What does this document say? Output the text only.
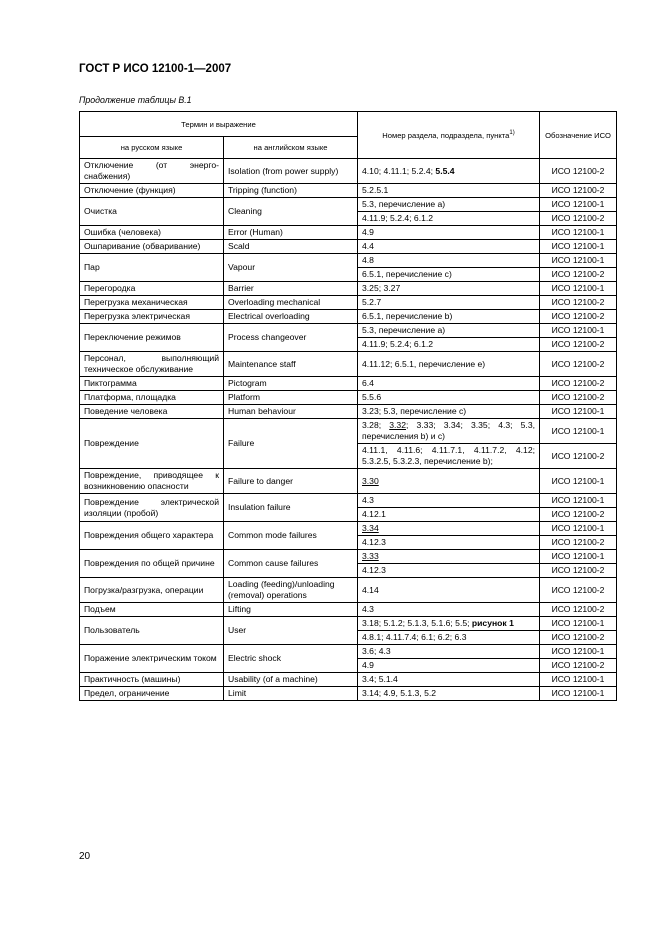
ГОСТ Р ИСО 12100-1—2007
Продолжение таблицы В.1
Термин и выражение		Номер раздела, подраздела, пункта$^{1)}$	Обозначение ИСО
на русском языке	на английском языке		
Отключение (от энергоснабжения)	Isolation (from power supply)	4.10; 4.11.1; 5.2.4; 5.5.4	ИСО 12100-2
Отключение (функция)	Tripping (function)	5.2.5.1	ИСО 12100-2
Очистка	Cleaning	5.3, перечисление а)	ИСО 12100-1
		4.11.9; 5.2.4; 6.1.2	ИСО 12100-2
Ошибка (человека)	Error (Human)	4.9	ИСО 12100-1
Ошпаривание (обваривание)	Scald	4.4	ИСО 12100-1
Пар	Vapour	4.8	ИСО 12100-1
		6.5.1, перечисление с)	ИСО 12100-2
Перегородка	Barrier	3.25; 3.27	ИСО 12100-1
Перегрузка механическая	Overloading mechanical	5.2.7	ИСО 12100-2
Перегрузка электрическая	Electrical overloading	6.5.1, перечисление b)	ИСО 12100-2
Переключение режимов	Process changeover	5.3, перечисление а)	ИСО 12100-1
		4.11.9; 5.2.4; 6.1.2	ИСО 12100-2
Персонал, выполняющий техническое обслуживание	Maintenance staff	4.11.12; 6.5.1, перечисление е)	ИСО 12100-2
Пиктограмма	Pictogram	6.4	ИСО 12100-2
Платформа, площадка	Platform	5.5.6	ИСО 12100-2
Поведение человека	Human behaviour	3.23; 5.3, перечисление с)	ИСО 12100-1
Повреждение	Failure	3.28; 3.32; 3.33; 3.34; 3.35; 4.3; 5.3, перечисления b) и с)	ИСО 12100-1
		4.11.1, 4.11.6; 4.11.7.1, 4.11.7.2, 4.12; 5.3.2.5, 5.3.2.3, перечисление b);	ИСО 12100-2
Повреждение, приводящее к возникновению опасности	Failure to danger	3.30	ИСО 12100-1
Повреждение электрической изоляции (пробой)	Insulation failure	4.3	ИСО 12100-1
		4.12.1	ИСО 12100-2
Повреждения общего характера	Common mode failures	3.34	ИСО 12100-1
		4.12.3	ИСО 12100-2
Повреждения по общей причине	Common cause failures	3.33	ИСО 12100-1
		4.12.3	ИСО 12100-2
Погрузка/разгрузка, операции	Loading (feeding)/unloading (removal) operations	4.14	ИСО 12100-2
Подъем	Lifting	4.3	ИСО 12100-2
Пользователь	User	3.18; 5.1.2; 5.1.3, 5.1.6; 5.5; рисунок 1	ИСО 12100-1
		4.8.1; 4.11.7.4; 6.1; 6.2; 6.3	ИСО 12100-2
Поражение электрическим током	Electric shock	3.6; 4.3	ИСО 12100-1
		4.9	ИСО 12100-2
Практичность (машины)	Usability (of a machine)	3.4; 5.1.4	ИСО 12100-1
Предел, ограничение	Limit	3.14; 4.9, 5.1.3, 5.2	ИСО 12100-1
20
